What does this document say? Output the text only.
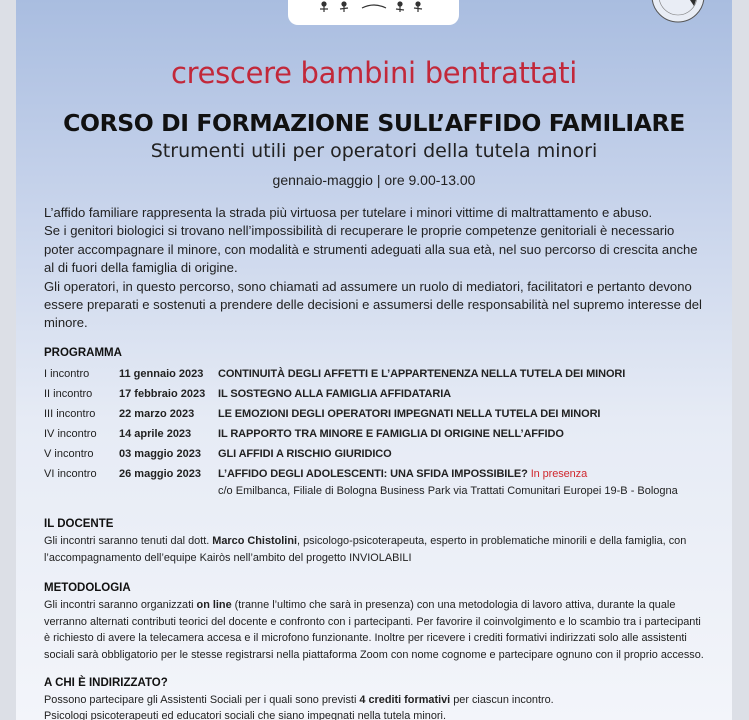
crescere bambini bentrattati
CORSO DI FORMAZIONE SULL’AFFIDO FAMILIARE
Strumenti utili per operatori della tutela minori
gennaio-maggio | ore 9.00-13.00

L’affido familiare rappresenta la strada più virtuosa per tutelare i minori vittime di maltrattamento e abuso.

Se i genitori biologici si trovano nell’impossibilità di recuperare le proprie competenze genitoriali è necessario poter accompagnare il minore, con modalità e strumenti adeguati alla sua età, nel suo percorso di crescita anche al di fuori della famiglia di origine.

Gli operatori, in questo percorso, sono chiamati ad assumere un ruolo di mediatori, facilitatori e pertanto devono essere preparati e sostenuti a prendere delle decisioni e assumersi delle responsabilità nel supremo interesse del minore.

PROGRAMMA
I incontro	11 gennaio 2023	CONTINUITÀ DEGLI AFFETTI E L’APPARTENENZA NELLA TUTELA DEI MINORI
II incontro	17 febbraio 2023	IL SOSTEGNO ALLA FAMIGLIA AFFIDATARIA
III incontro	22 marzo 2023	LE EMOZIONI DEGLI OPERATORI IMPEGNATI NELLA TUTELA DEI MINORI
IV incontro	14 aprile 2023	IL RAPPORTO TRA MINORE E FAMIGLIA DI ORIGINE NELL’AFFIDO
V incontro	03 maggio 2023	GLI AFFIDI A RISCHIO GIURIDICO
VI incontro	26 maggio 2023	L’AFFIDO DEGLI ADOLESCENTI: UNA SFIDA IMPOSSIBILE? In presenza
c/o Emilbanca, Filiale di Bologna Business Park via Trattati Comunitari Europei 19-B - Bologna
IL DOCENTE
Gli incontri saranno tenuti dal dott. Marco Chistolini, psicologo-psicoterapeuta, esperto in problematiche minorili e della famiglia, con l’accompagnamento dell’equipe Kairòs nell’ambito del progetto INVIOLABILI
METODOLOGIA
Gli incontri saranno organizzati on line (tranne l’ultimo che sarà in presenza) con una metodologia di lavoro attiva, durante la quale verranno alternati contributi teorici del docente e confronto con i partecipanti. Per favorire il coinvolgimento e lo scambio tra i partecipanti è richiesto di avere la telecamera accesa e il microfono funzionante. Inoltre per ricevere i crediti formativi indirizzati solo alle assistenti sociali sarà obbligatorio per le stesse registrarsi nella piattaforma Zoom con nome cognome e partecipare ognuno con il proprio accesso.
A CHI È INDIRIZZATO?
Possono partecipare gli Assistenti Sociali per i quali sono previsti 4 crediti formativi per ciascun incontro.
Psicologi psicoterapeuti ed educatori sociali che siano impegnati nella tutela minori.
